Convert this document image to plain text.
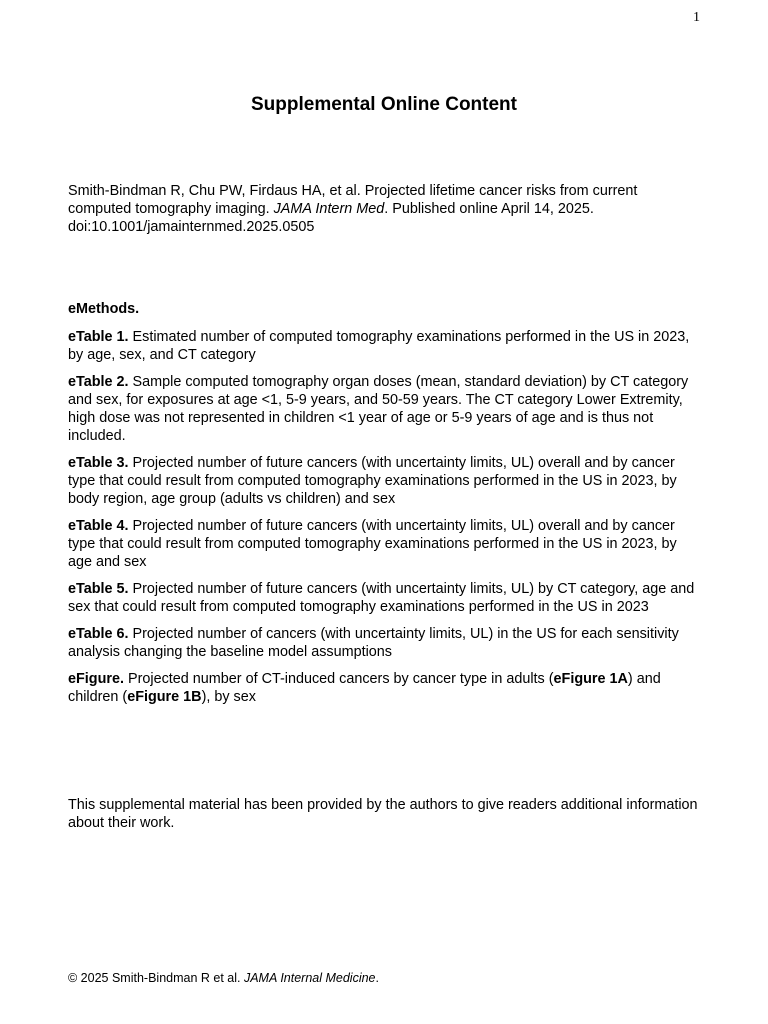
1
Supplemental Online Content

Smith-Bindman R, Chu PW, Firdaus HA, et al. Projected lifetime cancer risks from current computed tomography imaging. JAMA Intern Med. Published online April 14, 2025.
doi:10.1001/jamainternmed.2025.0505

eMethods.

eTable 1. Estimated number of computed tomography examinations performed in the US in 2023, by age, sex, and CT category

eTable 2. Sample computed tomography organ doses (mean, standard deviation) by CT category and sex, for exposures at age <1, 5-9 years, and 50-59 years. The CT category Lower Extremity, high dose was not represented in children <1 year of age or 5-9 years of age and is thus not included.

eTable 3. Projected number of future cancers (with uncertainty limits, UL) overall and by cancer type that could result from computed tomography examinations performed in the US in 2023, by body region, age group (adults vs children) and sex

eTable 4. Projected number of future cancers (with uncertainty limits, UL) overall and by cancer type that could result from computed tomography examinations performed in the US in 2023, by age and sex

eTable 5. Projected number of future cancers (with uncertainty limits, UL) by CT category, age and sex that could result from computed tomography examinations performed in the US in 2023

eTable 6. Projected number of cancers (with uncertainty limits, UL) in the US for each sensitivity analysis changing the baseline model assumptions

eFigure. Projected number of CT-induced cancers by cancer type in adults (eFigure 1A) and children (eFigure 1B), by sex

This supplemental material has been provided by the authors to give readers additional information about their work.

© 2025 Smith-Bindman R et al. JAMA Internal Medicine.
